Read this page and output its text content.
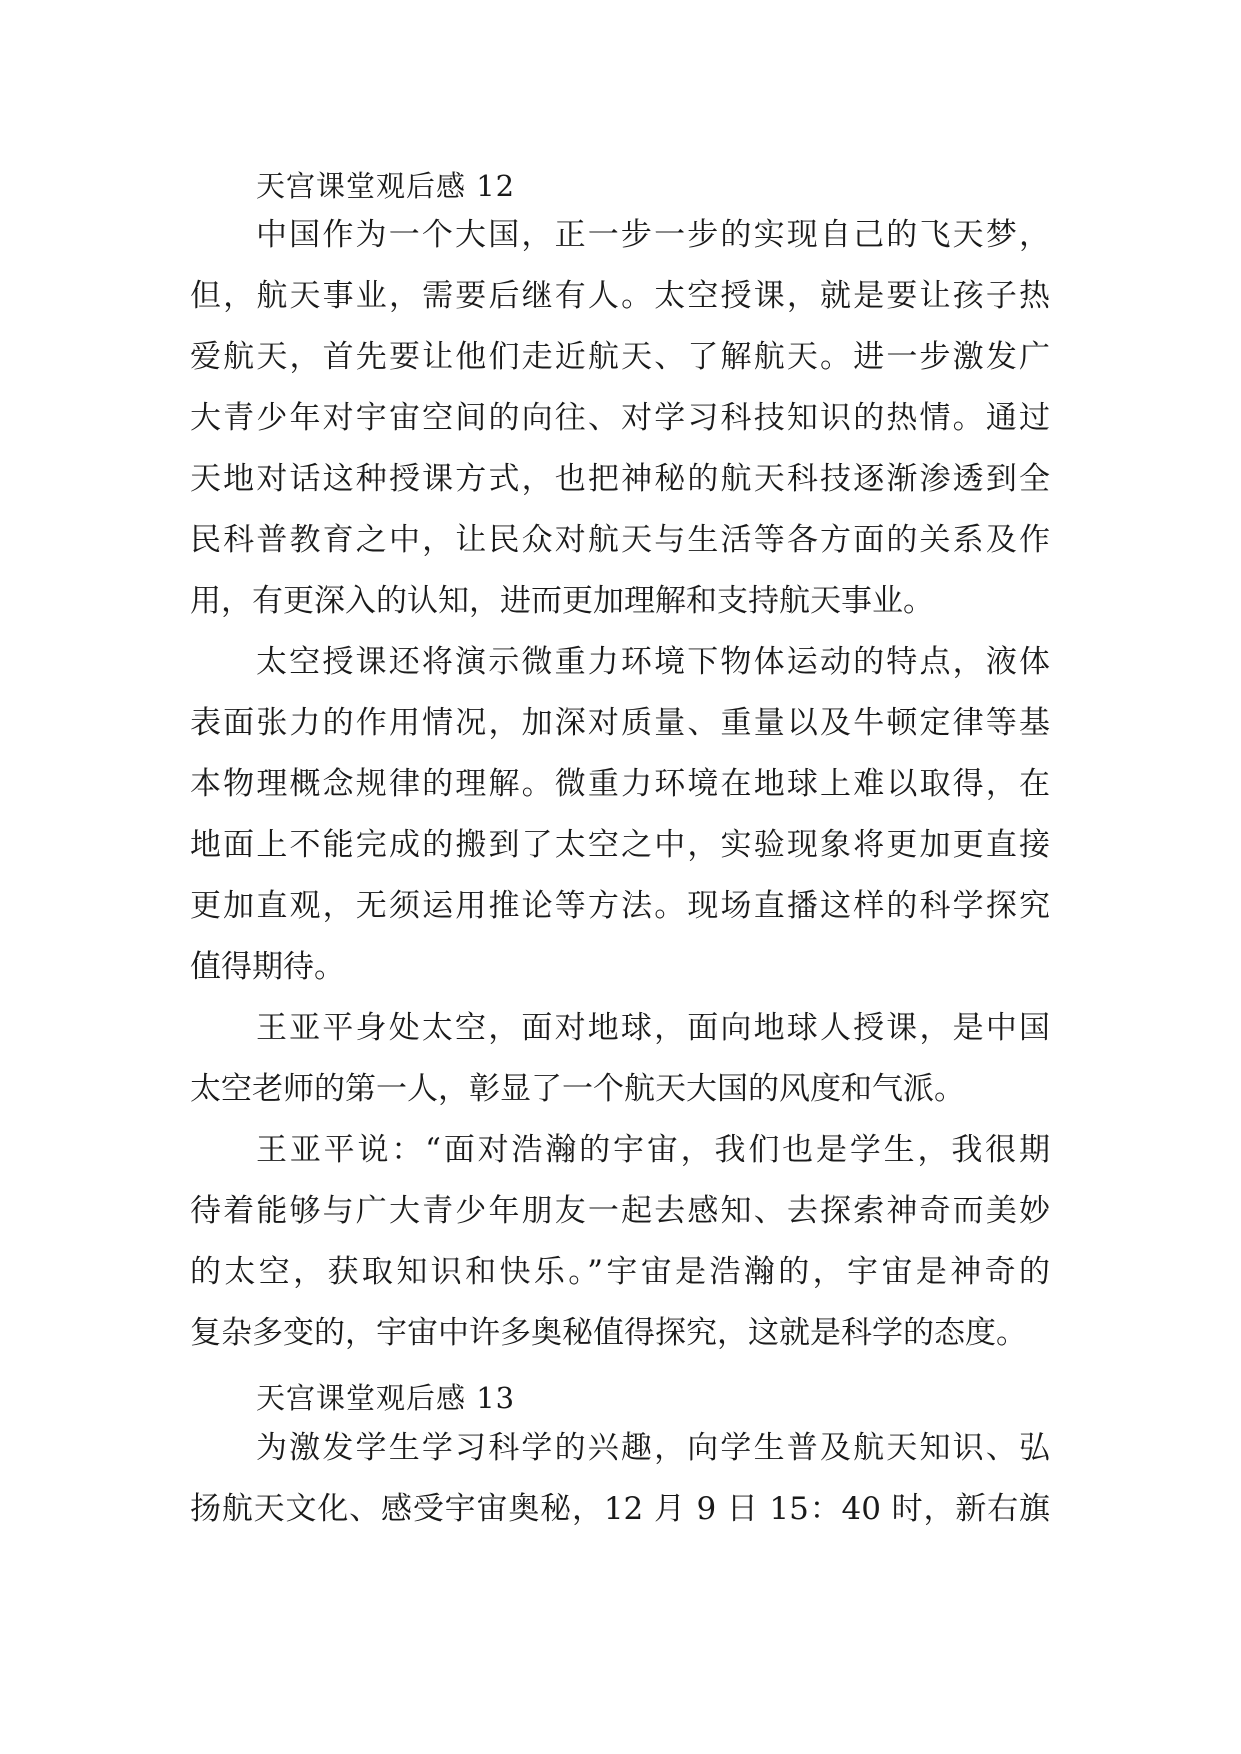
天宫课堂观后感 12
中国作为一个大国，正一步一步的实现自己的飞天梦，
但，航天事业，需要后继有人。太空授课，就是要让孩子热
爱航天，首先要让他们走近航天、了解航天。进一步激发广
大青少年对宇宙空间的向往、对学习科技知识的热情。通过
天地对话这种授课方式，也把神秘的航天科技逐渐渗透到全
民科普教育之中，让民众对航天与生活等各方面的关系及作
用，有更深入的认知，进而更加理解和支持航天事业。
太空授课还将演示微重力环境下物体运动的特点，液体
表面张力的作用情况，加深对质量、重量以及牛顿定律等基
本物理概念规律的理解。微重力环境在地球上难以取得，在
地面上不能完成的搬到了太空之中，实验现象将更加更直接
更加直观，无须运用推论等方法。现场直播这样的科学探究
值得期待。
王亚平身处太空，面对地球，面向地球人授课，是中国
太空老师的第一人，彰显了一个航天大国的风度和气派。
王亚平说：“面对浩瀚的宇宙，我们也是学生，我很期
待着能够与广大青少年朋友一起去感知、去探索神奇而美妙
的太空，获取知识和快乐。”宇宙是浩瀚的，宇宙是神奇的
复杂多变的，宇宙中许多奥秘值得探究，这就是科学的态度。
天宫课堂观后感 13
为激发学生学习科学的兴趣，向学生普及航天知识、弘
扬航天文化、感受宇宙奥秘，12 月 9 日 15：40 时，新右旗
